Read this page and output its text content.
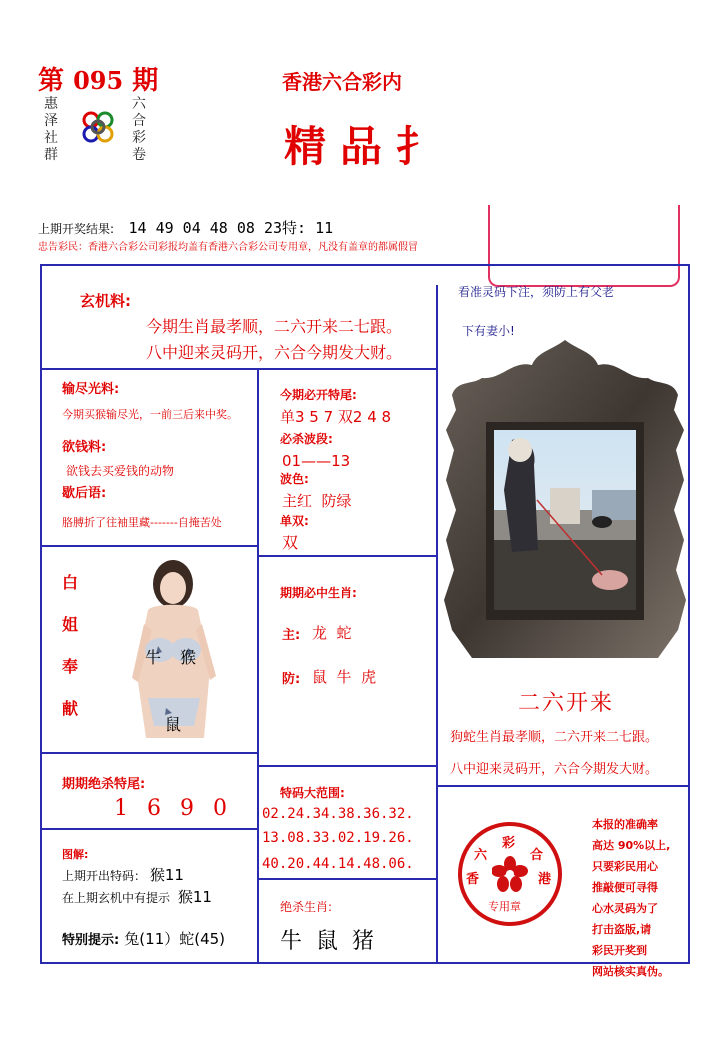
第 095 期
惠泽社群
六合彩卷
香港六合彩内
精品扌
上期开奖结果: 14 49 04 48 08 23特: 11
忠告彩民：香港六合彩公司彩报均盖有香港六合彩公司专用章，凡没有盖章的都属假冒
玄机料:
今期生肖最孝顺，二六开来二七跟。
八中迎来灵码开，六合今期发大财。
看准灵码下注，须防上有父老
下有妻小!
输尽光料:
今期买猴输尽光，一前三后来中奖。
欲钱料:
欲钱去买爱钱的动物
歇后语:
胳膊折了往袖里藏-------自掩苦处
今期必开特尾:
单3 5 7 双2 4 8
必杀波段:
01——13
波色:
主红  防绿
单双:
双
白
姐
奉
献
牛 猴
鼠
期期必中生肖:
主: 龙  蛇
防: 鼠  牛  虎
二六开来
狗蛇生肖最孝顺，二六开来二七跟。
八中迎来灵码开，六合今期发大财。
期期绝杀特尾:
1 6 9 0
特码大范围:
02.24.34.38.36.32.
13.08.33.02.19.26.
40.20.44.14.48.06.
图解:
上期开出特码： 猴11
在上期玄机中有提示 猴11
特别提示: 兔(11）蛇(45)
绝杀生肖:
牛  鼠  猪
六
彩
合
香	港
专用章
本报的准确率
高达 90%以上,
只要彩民用心
推敲便可寻得
心水灵码为了
打击盗版,请
彩民开奖到
网站核实真伪。
